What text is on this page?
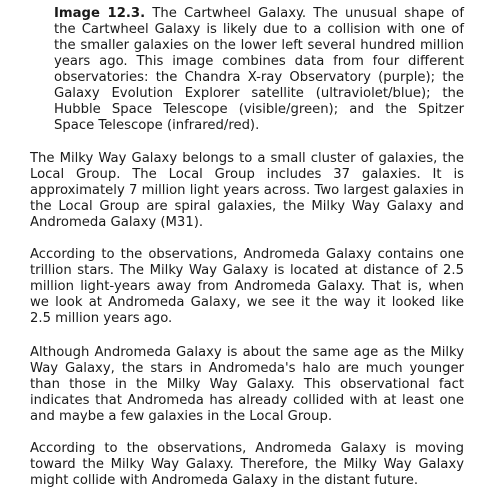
Image 12.3. The Cartwheel Galaxy. The unusual shape of the Cartwheel Galaxy is likely due to a collision with one of the smaller galaxies on the lower left several hundred million years ago. This image combines data from four different observatories: the Chandra X-ray Observatory (purple); the Galaxy Evolution Explorer satellite (ultraviolet/blue); the Hubble Space Telescope (visible/green); and the Spitzer Space Telescope (infrared/red).

The Milky Way Galaxy belongs to a small cluster of galaxies, the Local Group. The Local Group includes 37 galaxies. It is approximately 7 million light years across. Two largest galaxies in the Local Group are spiral galaxies, the Milky Way Galaxy and Andromeda Galaxy (M31).

According to the observations, Andromeda Galaxy contains one trillion stars. The Milky Way Galaxy is located at distance of 2.5 million light-years away from Andromeda Galaxy. That is, when we look at Andromeda Galaxy, we see it the way it looked like 2.5 million years ago.

Although Andromeda Galaxy is about the same age as the Milky Way Galaxy, the stars in Andromeda's halo are much younger than those in the Milky Way Galaxy. This observational fact indicates that Andromeda has already collided with at least one and maybe a few galaxies in the Local Group.

According to the observations, Andromeda Galaxy is moving toward the Milky Way Galaxy. Therefore, the Milky Way Galaxy might collide with Andromeda Galaxy in the distant future.
